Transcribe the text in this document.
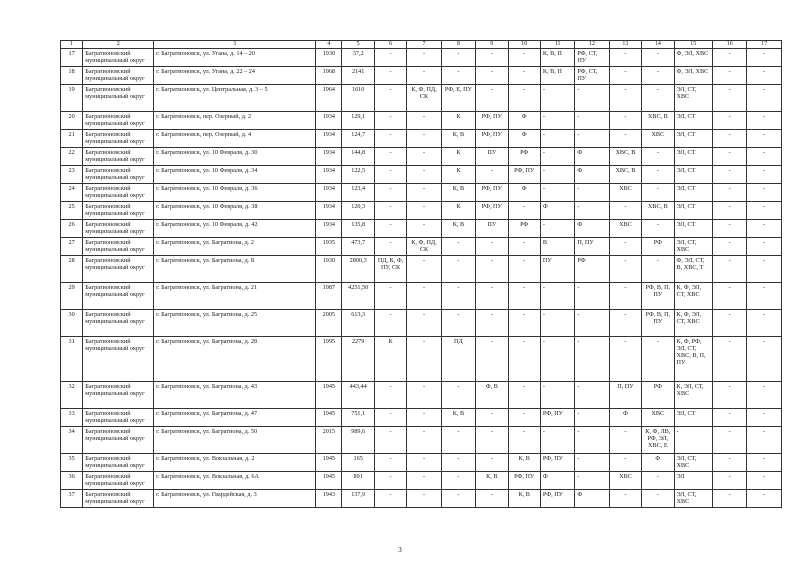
1	2	3	4	5	6	7	8	9	10	11	12	13	14	15	16	17
17	Багратионовский муниципальный округ	г. Багратионовск, ул. Угана, д. 14 – 20	1930	37,2	-	-	-	-	-	К, В, П	РФ, СТ, ПУ	-	-	Ф, ЭЛ, ХВС	-	-
18	Багратионовский муниципальный округ	г. Багратионовск, ул. Угана, д. 22 – 24	1968	2141	-	-	-	-	-	К, В, П	РФ, СТ, ПУ	-	-	Ф, ЭЛ, ХВС	-	-
19	Багратионовский муниципальный округ	г. Багратионовск, ул. Центральная, д. 3 – 5	1964	1610	-	К, Ф, ПД, СК	РФ, Е, ПУ	-	-	-	-	-	-	ЭЛ, СТ, ХВС	-	-
20	Багратионовский муниципальный округ	г. Багратионовск, пер. Озерный, д. 2	1934	129,1	-	-	К	РФ, ПУ	Ф	-	-	-	ХВС, В	ЭЛ, СТ	-	-
21	Багратионовский муниципальный округ	г. Багратионовск, пер. Озерный, д. 4	1934	124,7	-	-	К, В	РФ, ПУ	Ф	-	-	-	ХВС	ЭЛ, СТ	-	-
22	Багратионовский муниципальный округ	г. Багратионовск, ул. 10 Февраля, д. 30	1934	144,8	-	-	К	ПУ	РФ	-	Ф	ХВС, В	-	ЭЛ, СТ	-	-
23	Багратионовский муниципальный округ	г. Багратионовск, ул. 10 Февраля, д. 34	1934	122,5	-	-	К	-	РФ, ПУ	-	Ф	ХВС, В	-	ЭЛ, СТ	-	-
24	Багратионовский муниципальный округ	г. Багратионовск, ул. 10 Февраля, д. 36	1934	123,4	-	-	К, В	РФ, ПУ	Ф	-	-	ХВС	-	ЭЛ, СТ	-	-
25	Багратионовский муниципальный округ	г. Багратионовск, ул. 10 Февраля, д. 38	1934	120,3	-	-	К	РФ, ПУ	-	Ф	-	-	ХВС, В	ЭЛ, СТ	-	-
26	Багратионовский муниципальный округ	г. Багратионовск, ул. 10 Февраля, д. 42	1934	135,8	-	-	К, В	ПУ	РФ	-	Ф	ХВС	-	ЭЛ, СТ	-	-
27	Багратионовский муниципальный округ	г. Багратионовск, ул. Багратиона, д. 2	1935	473,7	-	К, Ф, ПД, СК	-	-	-	В	П, ПУ	-	РФ	ЭЛ, СТ, ХВС	-	-
28	Багратионовский муниципальный округ	г. Багратионовск, ул. Багратиона, д. 8	1930	2800,3	ПД, К, Ф, ПУ, СК	-	-	-	-	ПУ	РФ	-	-	Ф, ЭЛ, СТ, В, ХВС, Т	-	-
29	Багратионовский муниципальный округ	г. Багратионовск, ул. Багратиона, д. 21	1987	4251,50	-	-	-	-	-	-	-	-	РФ, В, П, ПУ	К, Ф, ЭЛ, СТ, ХВС	-	-
30	Багратионовский муниципальный округ	г. Багратионовск, ул. Багратиона, д. 25	2005	613,3	-	-	-	-	-	-	-	-	РФ, В, П, ПУ	К, Ф, ЭЛ, СТ, ХВС	-	-
31	Багратионовский муниципальный округ	г. Багратионовск, ул. Багратиона, д. 28	1995	2279	К	-	ПД	-	-	-	-	-	-	К, Ф, РФ, ЭЛ, СТ, ХВС, В, П, ПУ	-	-
32	Багратионовский муниципальный округ	г. Багратионовск, ул. Багратиона, д. 43	1945	443,44	-	-	-	Ф, В	-	-	-	П, ПУ	РФ	К, ЭЛ, СТ, ХВС	-	-
33	Багратионовский муниципальный округ	г. Багратионовск, ул. Багратиона, д. 47	1945	751,1	-	-	К, В	-	-	РФ, ПУ	-	Ф	ХВС	ЭЛ, СТ	-	-
34	Багратионовский муниципальный округ	г. Багратионовск, ул. Багратиона, д. 50	2015	989,6	-	-	-	-	-	-	-	-	К, Ф, ЛВ, РФ, ЭЛ, ХВС, Е	-	-	-
35	Багратионовский муниципальный округ	г. Багратионовск, ул. Вокзальная, д. 2	1945	165	-	-	-	-	К, В	РФ, ПУ	-	-	Ф	ЭЛ, СТ, ХВС	-	-
36	Багратионовский муниципальный округ	г. Багратионовск, ул. Вокзальная, д. 6А	1945	891	-	-	-	К, В	РФ, ПУ	Ф	-	ХВС	-	ЭЛ	-	-
37	Багратионовский муниципальный округ	г. Багратионовск, ул. Гвардейская, д. 3	1943	137,9	-	-	-	-	К, В	РФ, ПУ	Ф	-	-	ЭЛ, СТ, ХВС	-	-
3
